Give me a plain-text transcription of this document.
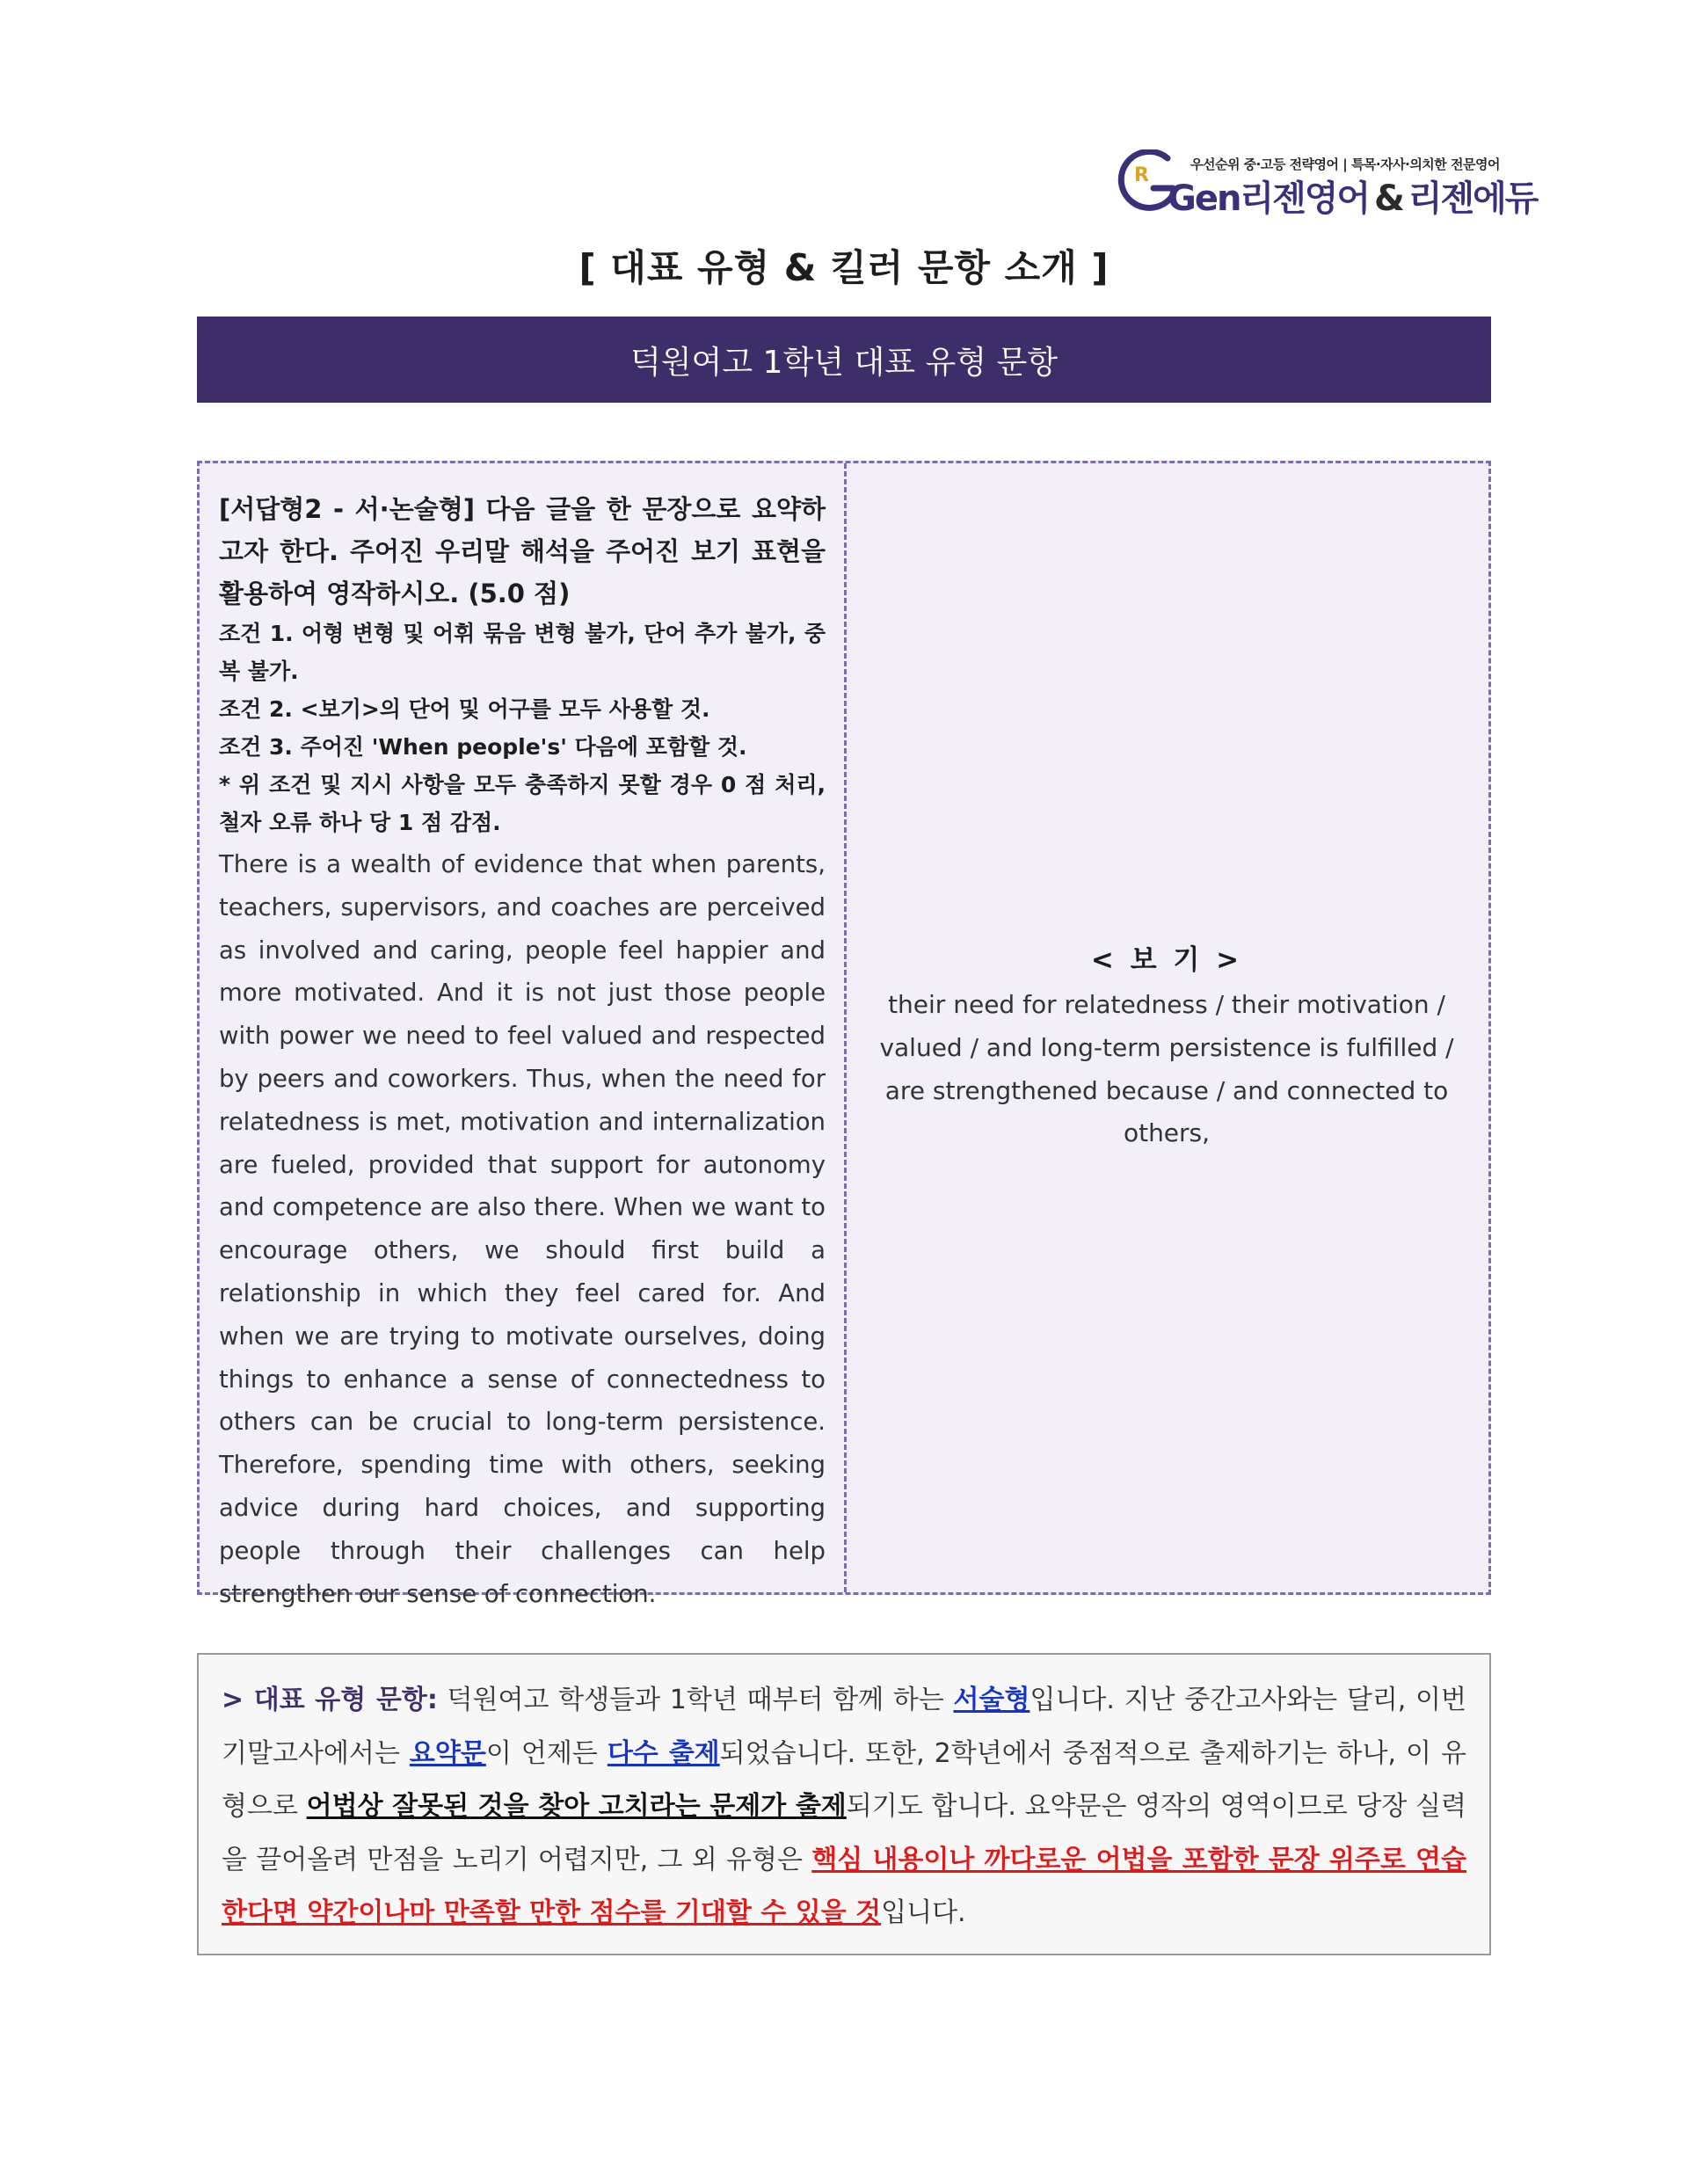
R	우선순위 중·고등 전략영어 | 특목·자사·의치한 전문영어
Gen리젠영어 & 리젠에듀
[ 대표 유형 & 킬러 문항 소개 ]
덕원여고 1학년 대표 유형 문항

[서답형2 - 서·논술형] 다음 글을 한 문장으로 요약하고자 한다. 주어진 우리말 해석을 주어진 보기 표현을 활용하여 영작하시오. (5.0 점)

조건 1. 어형 변형 및 어휘 묶음 변형 불가, 단어 추가 불가, 중복 불가.

조건 2. <보기>의 단어 및 어구를 모두 사용할 것.

조건 3. 주어진 'When people's' 다음에 포함할 것.

* 위 조건 및 지시 사항을 모두 충족하지 못할 경우 0 점 처리, 철자 오류 하나 당 1 점 감점.

There is a wealth of evidence that when parents, teachers, supervisors, and coaches are perceived as involved and caring, people feel happier and more motivated. And it is not just those people with power we need to feel valued and respected by peers and coworkers. Thus, when the need for relatedness is met, motivation and internalization are fueled, provided that support for autonomy and competence are also there. When we want to encourage others, we should first build a relationship in which they feel cared for. And when we are trying to motivate ourselves, doing things to enhance a sense of connectedness to others can be crucial to long-term persistence. Therefore, spending time with others, seeking advice during hard choices, and supporting people through their challenges can help strengthen our sense of connection.

< 보 기 >
their need for relatedness / their motivation / valued / and long-term persistence is fulfilled / are strengthened because / and connected to others,

> 대표 유형 문항: 덕원여고 학생들과 1학년 때부터 함께 하는 서술형입니다. 지난 중간고사와는 달리, 이번 기말고사에서는 요약문이 언제든 다수 출제되었습니다. 또한, 2학년에서 중점적으로 출제하기는 하나, 이 유형으로 어법상 잘못된 것을 찾아 고치라는 문제가 출제되기도 합니다. 요약문은 영작의 영역이므로 당장 실력을 끌어올려 만점을 노리기 어렵지만, 그 외 유형은 핵심 내용이나 까다로운 어법을 포함한 문장 위주로 연습한다면 약간이나마 만족할 만한 점수를 기대할 수 있을 것입니다.
